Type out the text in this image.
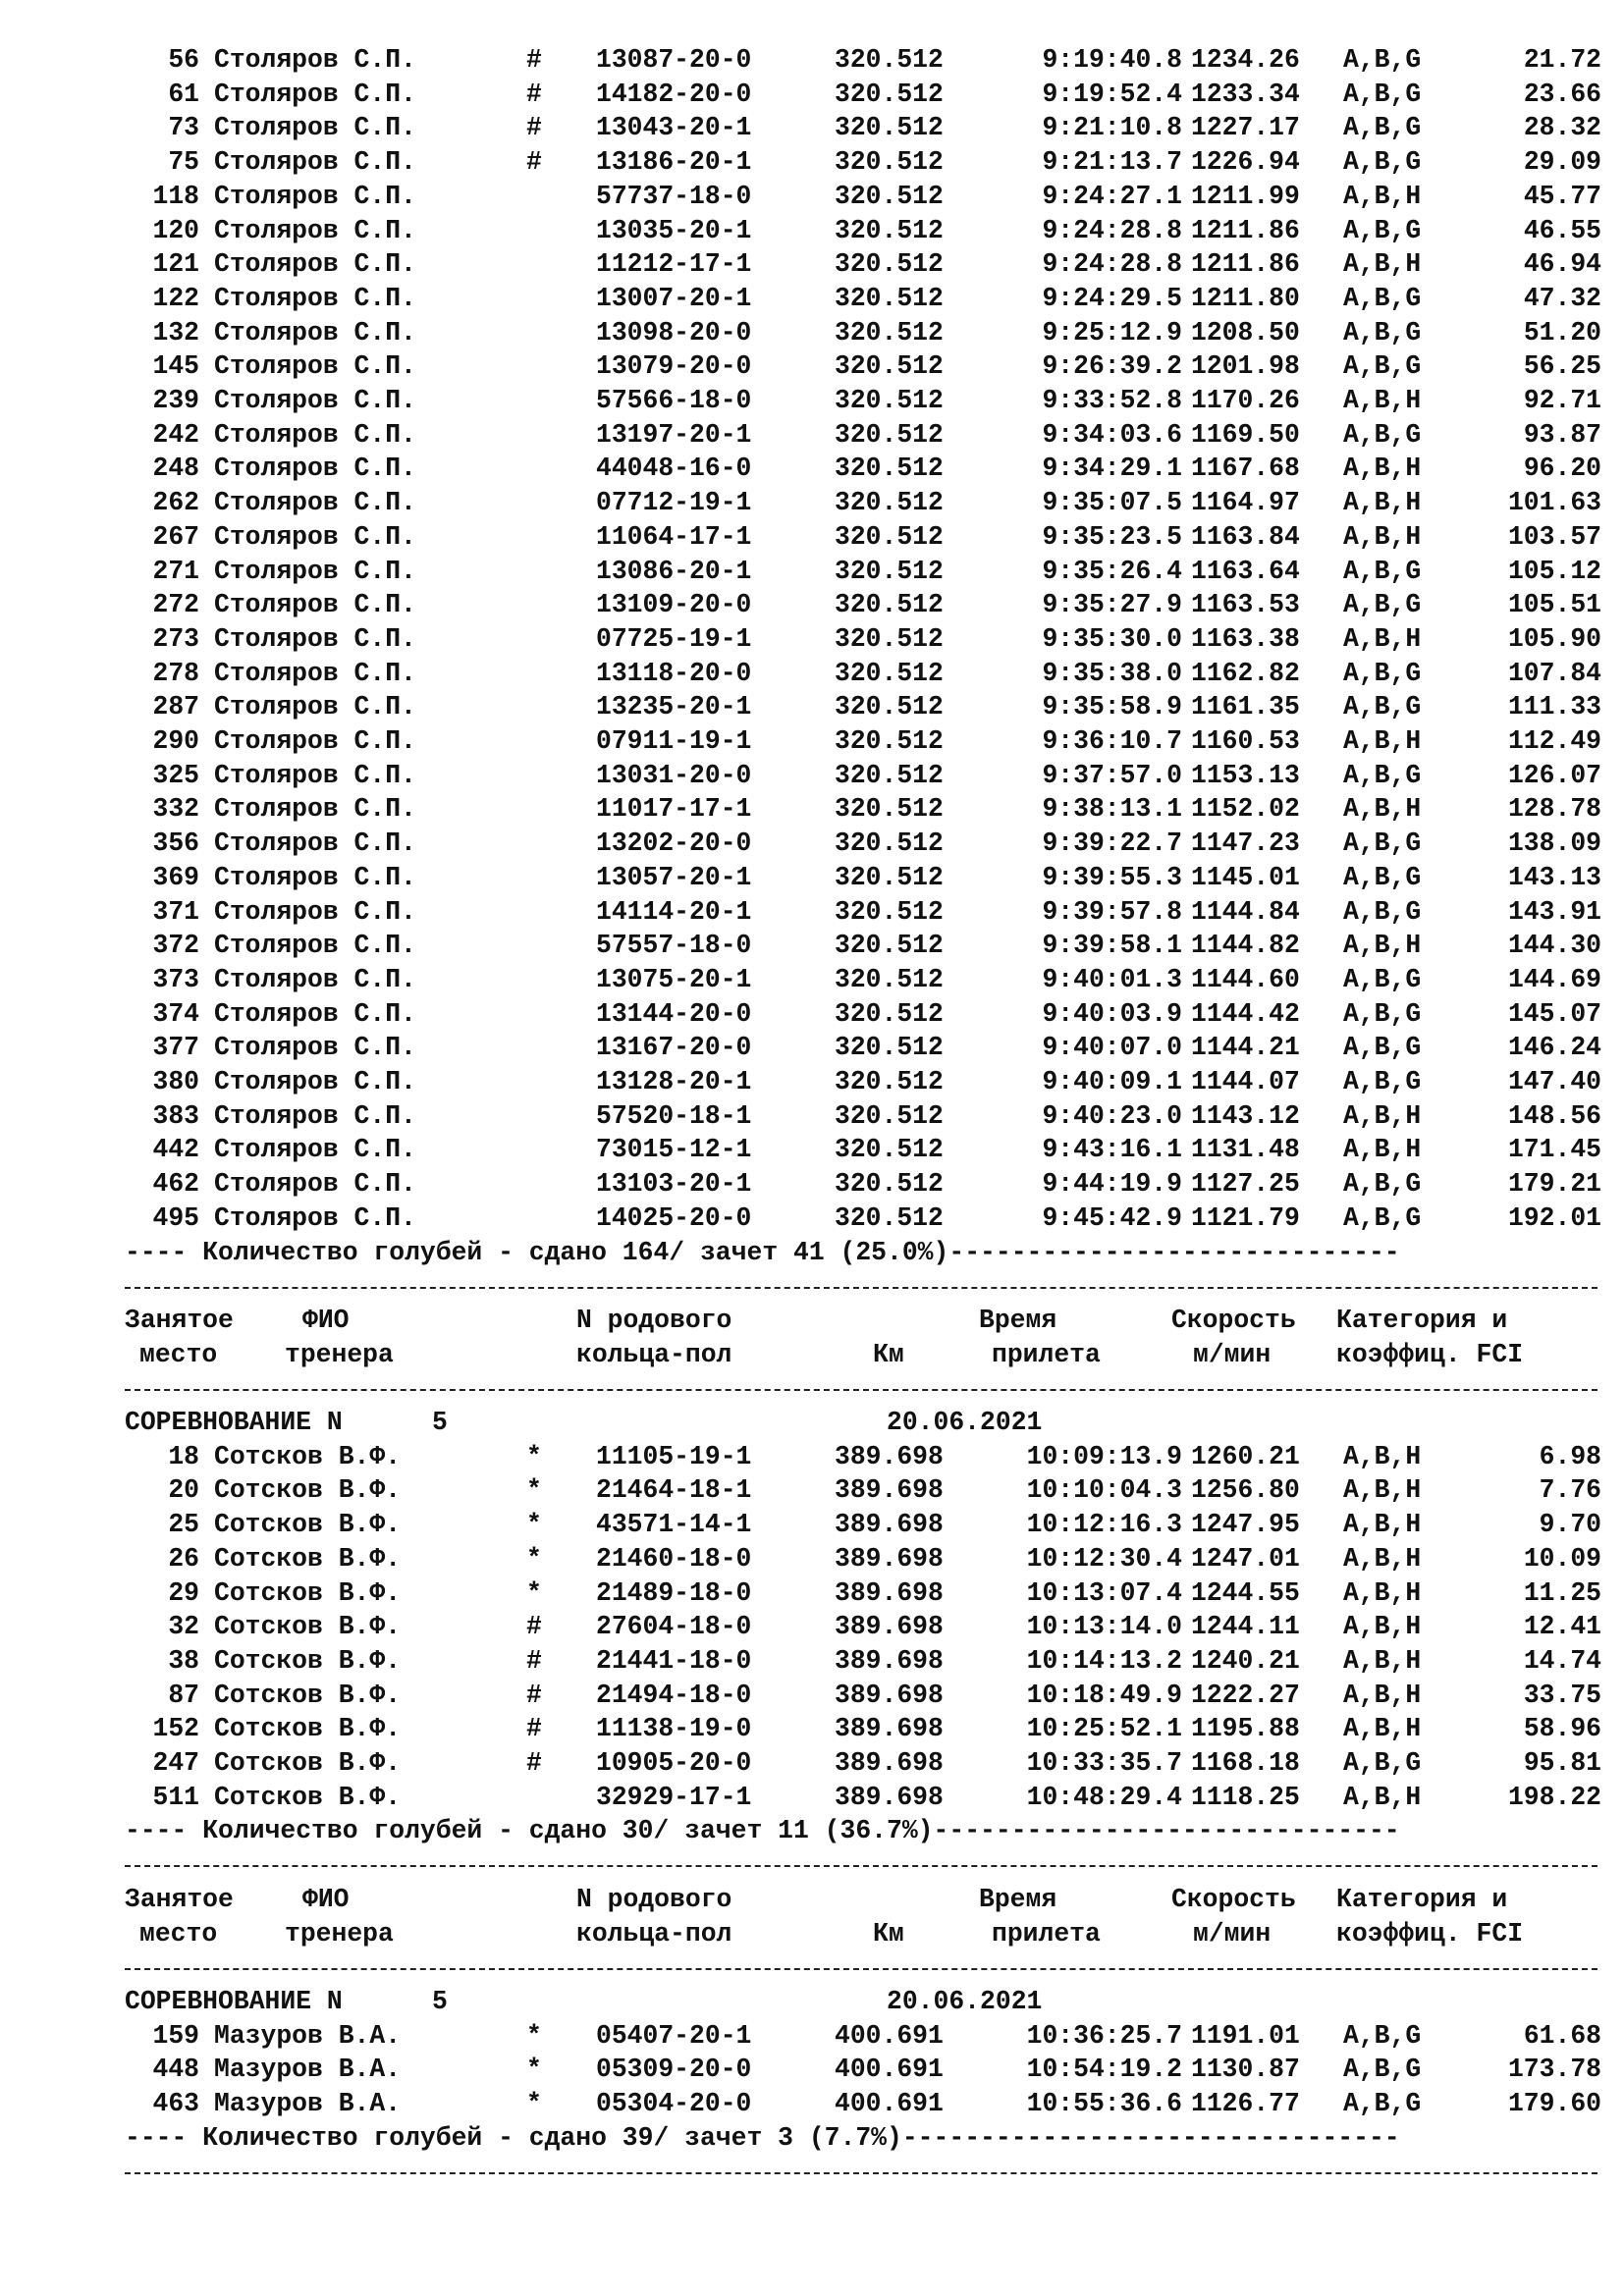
56 Столяров С.П.	# 13087-20-0	320.512	9:19:40.8 1234.26 A,B,G	21.72
61 Столяров С.П.	# 14182-20-0	320.512	9:19:52.4 1233.34 A,B,G	23.66
73 Столяров С.П.	# 13043-20-1	320.512	9:21:10.8 1227.17 A,B,G	28.32
75 Столяров С.П.	# 13186-20-1	320.512	9:21:13.7 1226.94 A,B,G	29.09
118 Столяров С.П.	57737-18-0	320.512	9:24:27.1 1211.99 A,B,H	45.77
120 Столяров С.П.	13035-20-1	320.512	9:24:28.8 1211.86 A,B,G	46.55
121 Столяров С.П.	11212-17-1	320.512	9:24:28.8 1211.86 A,B,H	46.94
122 Столяров С.П.	13007-20-1	320.512	9:24:29.5 1211.80 A,B,G	47.32
132 Столяров С.П.	13098-20-0	320.512	9:25:12.9 1208.50 A,B,G	51.20
145 Столяров С.П.	13079-20-0	320.512	9:26:39.2 1201.98 A,B,G	56.25
239 Столяров С.П.	57566-18-0	320.512	9:33:52.8 1170.26 A,B,H	92.71
242 Столяров С.П.	13197-20-1	320.512	9:34:03.6 1169.50 A,B,G	93.87
248 Столяров С.П.	44048-16-0	320.512	9:34:29.1 1167.68 A,B,H	96.20
262 Столяров С.П.	07712-19-1	320.512	9:35:07.5 1164.97 A,B,H	101.63
267 Столяров С.П.	11064-17-1	320.512	9:35:23.5 1163.84 A,B,H	103.57
271 Столяров С.П.	13086-20-1	320.512	9:35:26.4 1163.64 A,B,G	105.12
272 Столяров С.П.	13109-20-0	320.512	9:35:27.9 1163.53 A,B,G	105.51
273 Столяров С.П.	07725-19-1	320.512	9:35:30.0 1163.38 A,B,H	105.90
278 Столяров С.П.	13118-20-0	320.512	9:35:38.0 1162.82 A,B,G	107.84
287 Столяров С.П.	13235-20-1	320.512	9:35:58.9 1161.35 A,B,G	111.33
290 Столяров С.П.	07911-19-1	320.512	9:36:10.7 1160.53 A,B,H	112.49
325 Столяров С.П.	13031-20-0	320.512	9:37:57.0 1153.13 A,B,G	126.07
332 Столяров С.П.	11017-17-1	320.512	9:38:13.1 1152.02 A,B,H	128.78
356 Столяров С.П.	13202-20-0	320.512	9:39:22.7 1147.23 A,B,G	138.09
369 Столяров С.П.	13057-20-1	320.512	9:39:55.3 1145.01 A,B,G	143.13
371 Столяров С.П.	14114-20-1	320.512	9:39:57.8 1144.84 A,B,G	143.91
372 Столяров С.П.	57557-18-0	320.512	9:39:58.1 1144.82 A,B,H	144.30
373 Столяров С.П.	13075-20-1	320.512	9:40:01.3 1144.60 A,B,G	144.69
374 Столяров С.П.	13144-20-0	320.512	9:40:03.9 1144.42 A,B,G	145.07
377 Столяров С.П.	13167-20-0	320.512	9:40:07.0 1144.21 A,B,G	146.24
380 Столяров С.П.	13128-20-1	320.512	9:40:09.1 1144.07 A,B,G	147.40
383 Столяров С.П.	57520-18-1	320.512	9:40:23.0 1143.12 A,B,H	148.56
442 Столяров С.П.	73015-12-1	320.512	9:43:16.1 1131.48 A,B,H	171.45
462 Столяров С.П.	13103-20-1	320.512	9:44:19.9 1127.25 A,B,G	179.21
495 Столяров С.П.	14025-20-0	320.512	9:45:42.9 1121.79 A,B,G	192.01
---- Количество голубей - сдано 164/ зачет 41 (25.0%)-----------------------------
Занятое	ФИО	N родового	Время	Скорость Категория и
место	тренера	кольца-пол	Км	прилета	м/мин	коэффиц. FCI
СОРЕВНОВАНИЕ N	5	20.06.2021
18 Сотсков В.Ф.	* 11105-19-1	389.698	10:09:13.9 1260.21 A,B,H	6.98
20 Сотсков В.Ф.	* 21464-18-1	389.698	10:10:04.3 1256.80 A,B,H	7.76
25 Сотсков В.Ф.	* 43571-14-1	389.698	10:12:16.3 1247.95 A,B,H	9.70
26 Сотсков В.Ф.	* 21460-18-0	389.698	10:12:30.4 1247.01 A,B,H	10.09
29 Сотсков В.Ф.	* 21489-18-0	389.698	10:13:07.4 1244.55 A,B,H	11.25
32 Сотсков В.Ф.	# 27604-18-0	389.698	10:13:14.0 1244.11 A,B,H	12.41
38 Сотсков В.Ф.	# 21441-18-0	389.698	10:14:13.2 1240.21 A,B,H	14.74
87 Сотсков В.Ф.	# 21494-18-0	389.698	10:18:49.9 1222.27 A,B,H	33.75
152 Сотсков В.Ф.	# 11138-19-0	389.698	10:25:52.1 1195.88 A,B,H	58.96
247 Сотсков В.Ф.	# 10905-20-0	389.698	10:33:35.7 1168.18 A,B,G	95.81
511 Сотсков В.Ф.	32929-17-1	389.698	10:48:29.4 1118.25 A,B,H	198.22
---- Количество голубей - сдано 30/ зачет 11 (36.7%)------------------------------
Занятое	ФИО	N родового	Время	Скорость Категория и
место	тренера	кольца-пол	Км	прилета	м/мин	коэффиц. FCI
СОРЕВНОВАНИЕ N	5	20.06.2021
159 Мазуров В.А.	* 05407-20-1	400.691	10:36:25.7 1191.01 A,B,G	61.68
448 Мазуров В.А.	* 05309-20-0	400.691	10:54:19.2 1130.87 A,B,G	173.78
463 Мазуров В.А.	* 05304-20-0	400.691	10:55:36.6 1126.77 A,B,G	179.60
---- Количество голубей - сдано 39/ зачет 3 (7.7%)--------------------------------
